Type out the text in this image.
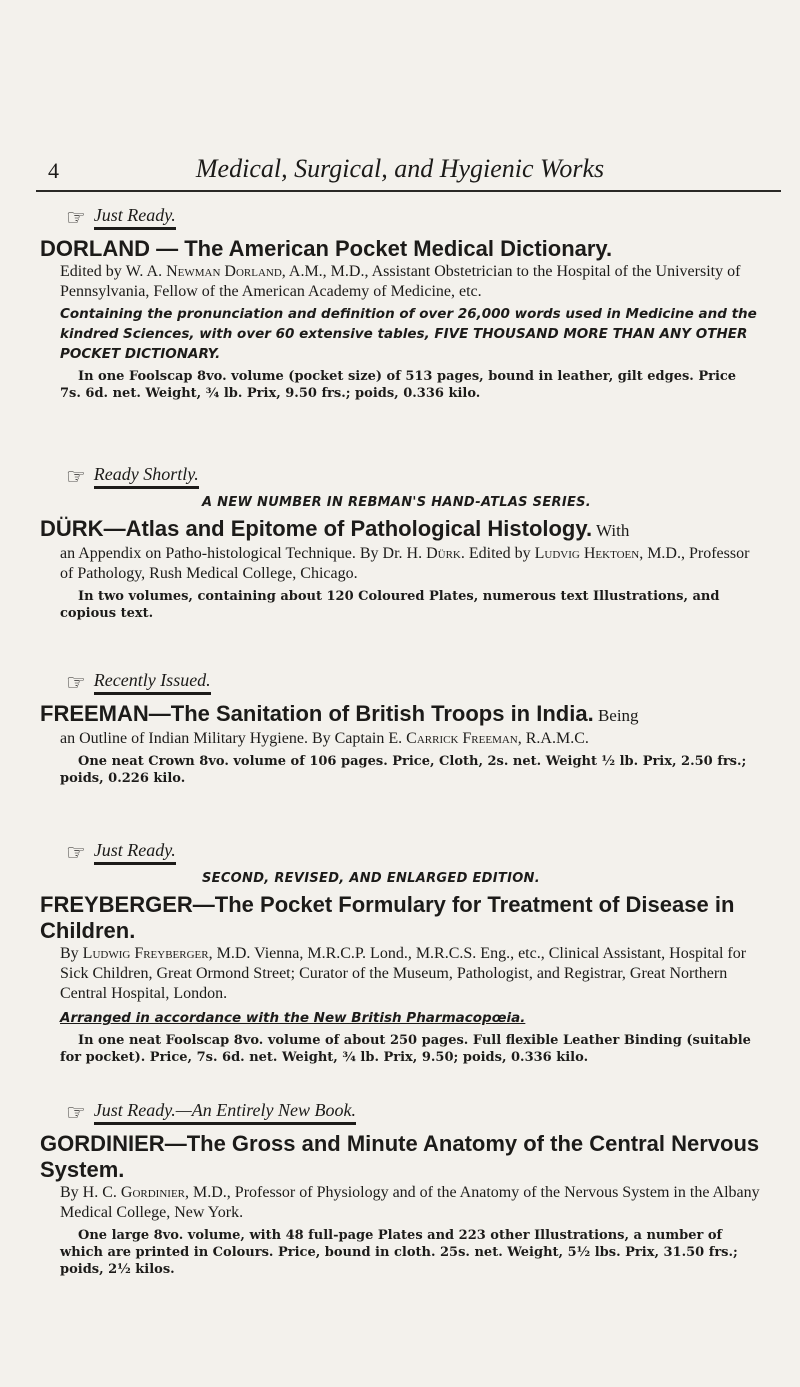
4	Medical, Surgical, and Hygienic Works
☞ Just Ready.
DORLAND — The American Pocket Medical Dictionary.
Edited by W. A. Newman Dorland, A.M., M.D., Assistant Obstetrician to the Hospital of the University of Pennsylvania, Fellow of the American Academy of Medicine, etc.
Containing the pronunciation and definition of over 26,000 words used in Medicine and the kindred Sciences, with over 60 extensive tables, FIVE THOUSAND MORE THAN ANY OTHER POCKET DICTIONARY.
In one Foolscap 8vo. volume (pocket size) of 513 pages, bound in leather, gilt edges. Price 7s. 6d. net. Weight, ¾ lb. Prix, 9.50 frs.; poids, 0.336 kilo.
☞ Ready Shortly.
A NEW NUMBER IN REBMAN'S HAND-ATLAS SERIES.
DÜRK—Atlas and Epitome of Pathological Histology. With
an Appendix on Patho-histological Technique. By Dr. H. Dürk. Edited by Ludvig Hektoen, M.D., Professor of Pathology, Rush Medical College, Chicago.
In two volumes, containing about 120 Coloured Plates, numerous text Illustrations, and copious text.
☞ Recently Issued.
FREEMAN—The Sanitation of British Troops in India. Being
an Outline of Indian Military Hygiene. By Captain E. Carrick Freeman, R.A.M.C.
One neat Crown 8vo. volume of 106 pages. Price, Cloth, 2s. net. Weight ½ lb. Prix, 2.50 frs.; poids, 0.226 kilo.
☞ Just Ready.
SECOND, REVISED, AND ENLARGED EDITION.
FREYBERGER—The Pocket Formulary for Treatment of Disease in Children.
By Ludwig Freyberger, M.D. Vienna, M.R.C.P. Lond., M.R.C.S. Eng., etc., Clinical Assistant, Hospital for Sick Children, Great Ormond Street; Curator of the Museum, Pathologist, and Registrar, Great Northern Central Hospital, London.
Arranged in accordance with the New British Pharmacopœia.
In one neat Foolscap 8vo. volume of about 250 pages. Full flexible Leather Binding (suitable for pocket). Price, 7s. 6d. net. Weight, ¾ lb. Prix, 9.50; poids, 0.336 kilo.
☞ Just Ready.—An Entirely New Book.
GORDINIER—The Gross and Minute Anatomy of the Central Nervous System.
By H. C. Gordinier, M.D., Professor of Physiology and of the Anatomy of the Nervous System in the Albany Medical College, New York.
One large 8vo. volume, with 48 full-page Plates and 223 other Illustrations, a number of which are printed in Colours. Price, bound in cloth. 25s. net. Weight, 5½ lbs. Prix, 31.50 frs.; poids, 2½ kilos.
